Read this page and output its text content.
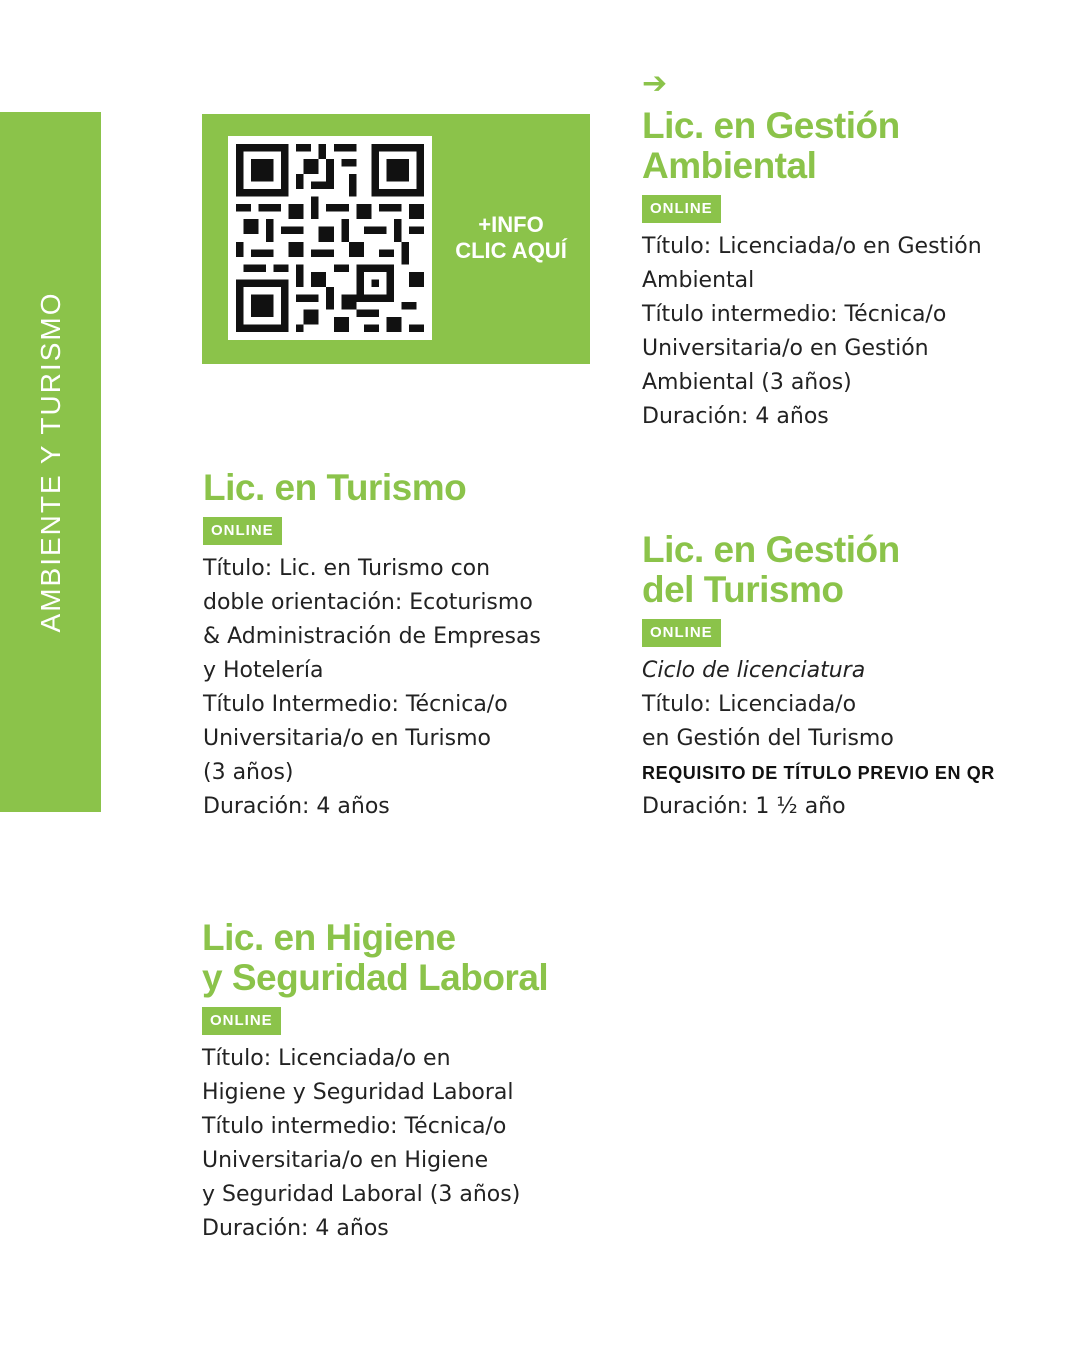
AMBIENTE Y TURISMO
+INFO
CLIC AQUÍ
➔
Lic. en Gestión
Ambiental
ONLINE
Título: Licenciada/o en Gestión
Ambiental
Título intermedio: Técnica/o
Universitaria/o en Gestión
Ambiental (3 años)
Duración: 4 años
Lic. en Turismo
ONLINE
Título: Lic. en Turismo con
doble orientación: Ecoturismo
& Administración de Empresas
y Hotelería
Título Intermedio: Técnica/o
Universitaria/o en Turismo
(3 años)
Duración: 4 años
Lic. en Gestión
del Turismo
ONLINE
Ciclo de licenciatura
Título: Licenciada/o
en Gestión del Turismo
REQUISITO DE TÍTULO PREVIO EN QR
Duración: 1 ½ año
Lic. en Higiene
y Seguridad Laboral
ONLINE
Título: Licenciada/o en
Higiene y Seguridad Laboral
Título intermedio: Técnica/o
Universitaria/o en Higiene
y Seguridad Laboral (3 años)
Duración: 4 años
